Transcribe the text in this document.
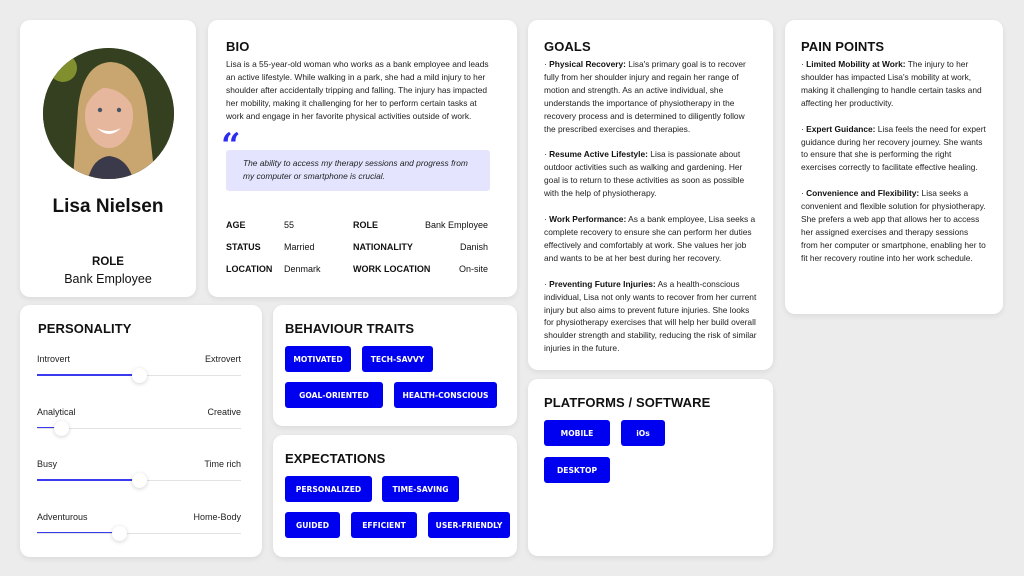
Lisa Nielsen
ROLE
Bank Employee
BIO
Lisa is a 55-year-old woman who works as a bank employee and leads an active lifestyle. While walking in a park, she had a mild injury to her shoulder after accidentally tripping and falling. The injury has impacted her mobility, making it challenging for her to perform certain tasks at work and engage in her favorite physical activities outside of work.
“ The ability to access my therapy sessions and progress from my computer or smartphone is crucial.
AGE	55	ROLE	Bank Employee
STATUS	Married	NATIONALITY	Danish
LOCATION Denmark	WORK LOCATION	On-site
GOALS
· Physical Recovery: Lisa's primary goal is to recover fully from her shoulder injury and regain her range of motion and strength. As an active individual, she understands the importance of physiotherapy in the recovery process and is determined to diligently follow the prescribed exercises and therapies.
· Resume Active Lifestyle: Lisa is passionate about outdoor activities such as walking and gardening. Her goal is to return to these activities as soon as possible with the help of physiotherapy.
· Work Performance: As a bank employee, Lisa seeks a complete recovery to ensure she can perform her duties effectively and comfortably at work. She values her job and wants to be at her best during her recovery.
· Preventing Future Injuries: As a health-conscious individual, Lisa not only wants to recover from her current injury but also aims to prevent future injuries. She looks for physiotherapy exercises that will help her build overall shoulder strength and stability, reducing the risk of similar injuries in the future.
PAIN POINTS
· Limited Mobility at Work: The injury to her shoulder has impacted Lisa's mobility at work, making it challenging to handle certain tasks and affecting her productivity.
· Expert Guidance: Lisa feels the need for expert guidance during her recovery journey. She wants to ensure that she is performing the right exercises correctly to facilitate effective healing.
· Convenience and Flexibility: Lisa seeks a convenient and flexible solution for physiotherapy. She prefers a web app that allows her to access her assigned exercises and therapy sessions from her computer or smartphone, enabling her to fit her recovery routine into her work schedule.
PERSONALITY
Introvert	Extrovert
Analytical	Creative
Busy	Time rich
Adventurous	Home-Body
BEHAVIOUR TRAITS
MOTIVATED	TECH-SAVVY
GOAL-ORIENTED	HEALTH-CONSCIOUS
EXPECTATIONS
PERSONALIZED	TIME-SAVING
GUIDED	EFFICIENT	USER-FRIENDLY
PLATFORMS / SOFTWARE
MOBILE	iOs
DESKTOP
